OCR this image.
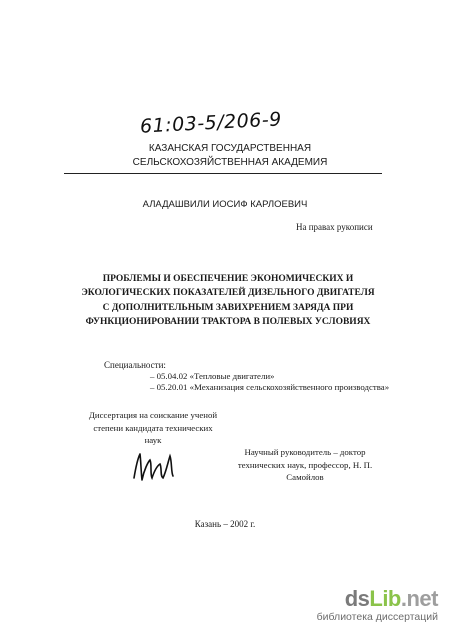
61:03-5/206-9
КАЗАНСКАЯ ГОСУДАРСТВЕННАЯ СЕЛЬСКОХОЗЯЙСТВЕННАЯ АКАДЕМИЯ
АЛАДАШВИЛИ ИОСИФ КАРЛОЕВИЧ
На правах рукописи
ПРОБЛЕМЫ И ОБЕСПЕЧЕНИЕ ЭКОНОМИЧЕСКИХ И ЭКОЛОГИЧЕСКИХ ПОКАЗАТЕЛЕЙ ДИЗЕЛЬНОГО ДВИГАТЕЛЯ С ДОПОЛНИТЕЛЬНЫМ ЗАВИХРЕНИЕМ ЗАРЯДА ПРИ ФУНКЦИОНИРОВАНИИ ТРАКТОРА В ПОЛЕВЫХ УСЛОВИЯХ
Специальности:
– 05.04.02 «Тепловые двигатели»
– 05.20.01 «Механизация сельскохозяйственного производства»
Диссертация на соискание ученой степени кандидата технических наук
Научный руководитель – доктор технических наук, профессор, Н. П. Самойлов
Казань – 2002 г.
dsLib.net
библиотека диссертаций
